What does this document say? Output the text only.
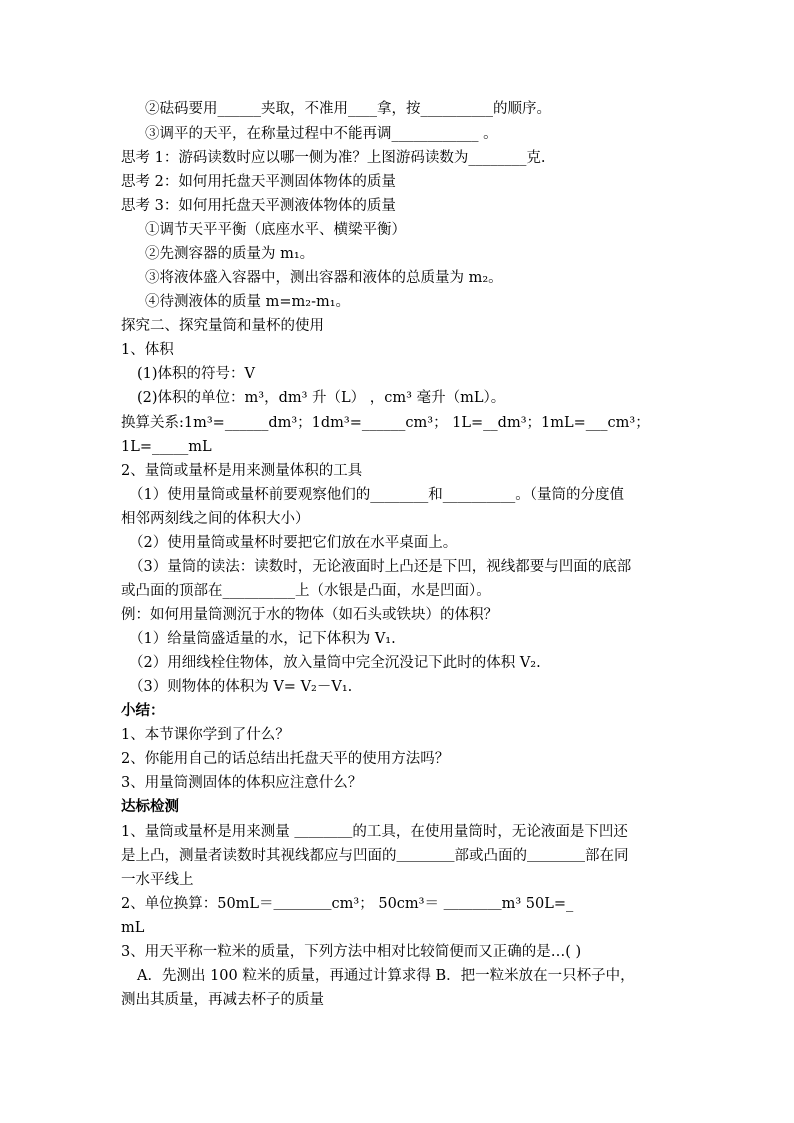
②砝码要用______夹取，不准用____拿，按__________的顺序。
③调平的天平，在称量过程中不能再调____________ 。
思考 1：游码读数时应以哪一侧为准？上图游码读数为________克.
思考 2：如何用托盘天平测固体物体的质量
思考 3：如何用托盘天平测液体物体的质量
①调节天平平衡（底座水平、横梁平衡）
②先测容器的质量为 m₁。
③将液体盛入容器中，测出容器和液体的总质量为 m₂。
④待测液体的质量 m=m₂-m₁。
探究二、探究量筒和量杯的使用
1、体积
(1)体积的符号：V
(2)体积的单位：m³，dm³ 升（L） ，cm³ 毫升（mL）。
换算关系:1m³=______dm³；1dm³=______cm³； 1L=__dm³；1mL=___cm³；
1L=_____mL
2、量筒或量杯是用来测量体积的工具
（1）使用量筒或量杯前要观察他们的________和__________。（量筒的分度值
相邻两刻线之间的体积大小）
（2）使用量筒或量杯时要把它们放在水平桌面上。
（3）量筒的读法：读数时，无论液面时上凸还是下凹，视线都要与凹面的底部
或凸面的顶部在__________上（水银是凸面，水是凹面）。
例：如何用量筒测沉于水的物体（如石头或铁块）的体积？
（1）给量筒盛适量的水，记下体积为 V₁.
（2）用细线栓住物体，放入量筒中完全沉没记下此时的体积 V₂.
（3）则物体的体积为 V= V₂－V₁.
小结：
1、本节课你学到了什么？
2、你能用自己的话总结出托盘天平的使用方法吗？
3、用量筒测固体的体积应注意什么？
达标检测
1、量筒或量杯是用来测量 ＿＿＿＿的工具，在使用量筒时，无论液面是下凹还
是上凸，测量者读数时其视线都应与凹面的＿＿＿＿部或凸面的＿＿＿＿部在同
一水平线上
2、单位换算：50mL＝＿＿＿＿cm³； 50cm³＝ ＿＿＿＿m³ 50L=_
mL
3、用天平称一粒米的质量，下列方法中相对比较简便而又正确的是…( )
A．先测出 100 粒米的质量，再通过计算求得 B．把一粒米放在一只杯子中，
测出其质量，再减去杯子的质量
